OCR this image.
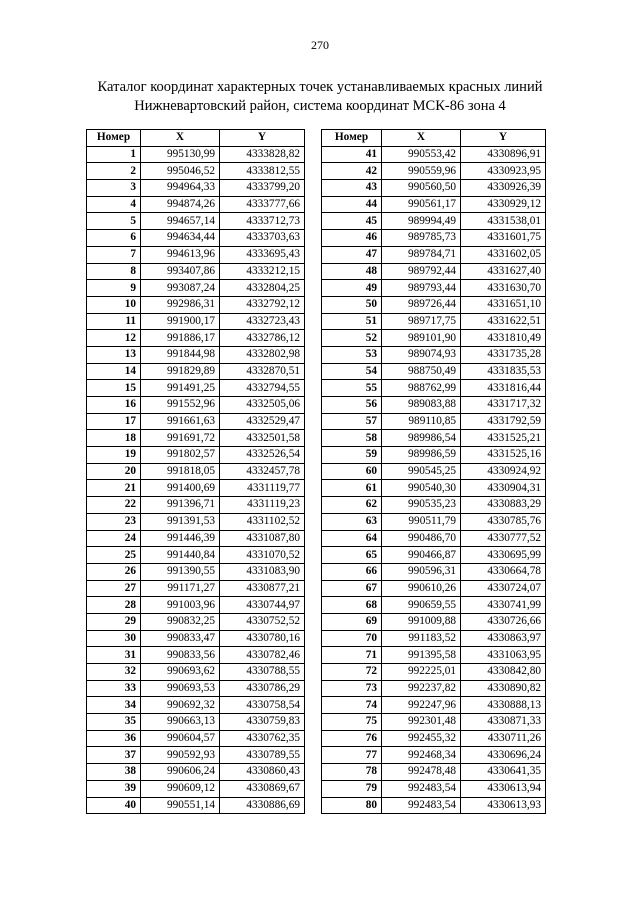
270
Каталог координат характерных точек устанавливаемых красных линий
Нижневартовский район, система координат МСК-86 зона 4
Номер	X	Y
1	995130,99	4333828,82
2	995046,52	4333812,55
3	994964,33	4333799,20
4	994874,26	4333777,66
5	994657,14	4333712,73
6	994634,44	4333703,63
7	994613,96	4333695,43
8	993407,86	4333212,15
9	993087,24	4332804,25
10	992986,31	4332792,12
11	991900,17	4332723,43
12	991886,17	4332786,12
13	991844,98	4332802,98
14	991829,89	4332870,51
15	991491,25	4332794,55
16	991552,96	4332505,06
17	991661,63	4332529,47
18	991691,72	4332501,58
19	991802,57	4332526,54
20	991818,05	4332457,78
21	991400,69	4331119,77
22	991396,71	4331119,23
23	991391,53	4331102,52
24	991446,39	4331087,80
25	991440,84	4331070,52
26	991390,55	4331083,90
27	991171,27	4330877,21
28	991003,96	4330744,97
29	990832,25	4330752,52
30	990833,47	4330780,16
31	990833,56	4330782,46
32	990693,62	4330788,55
33	990693,53	4330786,29
34	990692,32	4330758,54
35	990663,13	4330759,83
36	990604,57	4330762,35
37	990592,93	4330789,55
38	990606,24	4330860,43
39	990609,12	4330869,67
40	990551,14	4330886,69
Номер	X	Y
41	990553,42	4330896,91
42	990559,96	4330923,95
43	990560,50	4330926,39
44	990561,17	4330929,12
45	989994,49	4331538,01
46	989785,73	4331601,75
47	989784,71	4331602,05
48	989792,44	4331627,40
49	989793,44	4331630,70
50	989726,44	4331651,10
51	989717,75	4331622,51
52	989101,90	4331810,49
53	989074,93	4331735,28
54	988750,49	4331835,53
55	988762,99	4331816,44
56	989083,88	4331717,32
57	989110,85	4331792,59
58	989986,54	4331525,21
59	989986,59	4331525,16
60	990545,25	4330924,92
61	990540,30	4330904,31
62	990535,23	4330883,29
63	990511,79	4330785,76
64	990486,70	4330777,52
65	990466,87	4330695,99
66	990596,31	4330664,78
67	990610,26	4330724,07
68	990659,55	4330741,99
69	991009,88	4330726,66
70	991183,52	4330863,97
71	991395,58	4331063,95
72	992225,01	4330842,80
73	992237,82	4330890,82
74	992247,96	4330888,13
75	992301,48	4330871,33
76	992455,32	4330711,26
77	992468,34	4330696,24
78	992478,48	4330641,35
79	992483,54	4330613,94
80	992483,54	4330613,93
